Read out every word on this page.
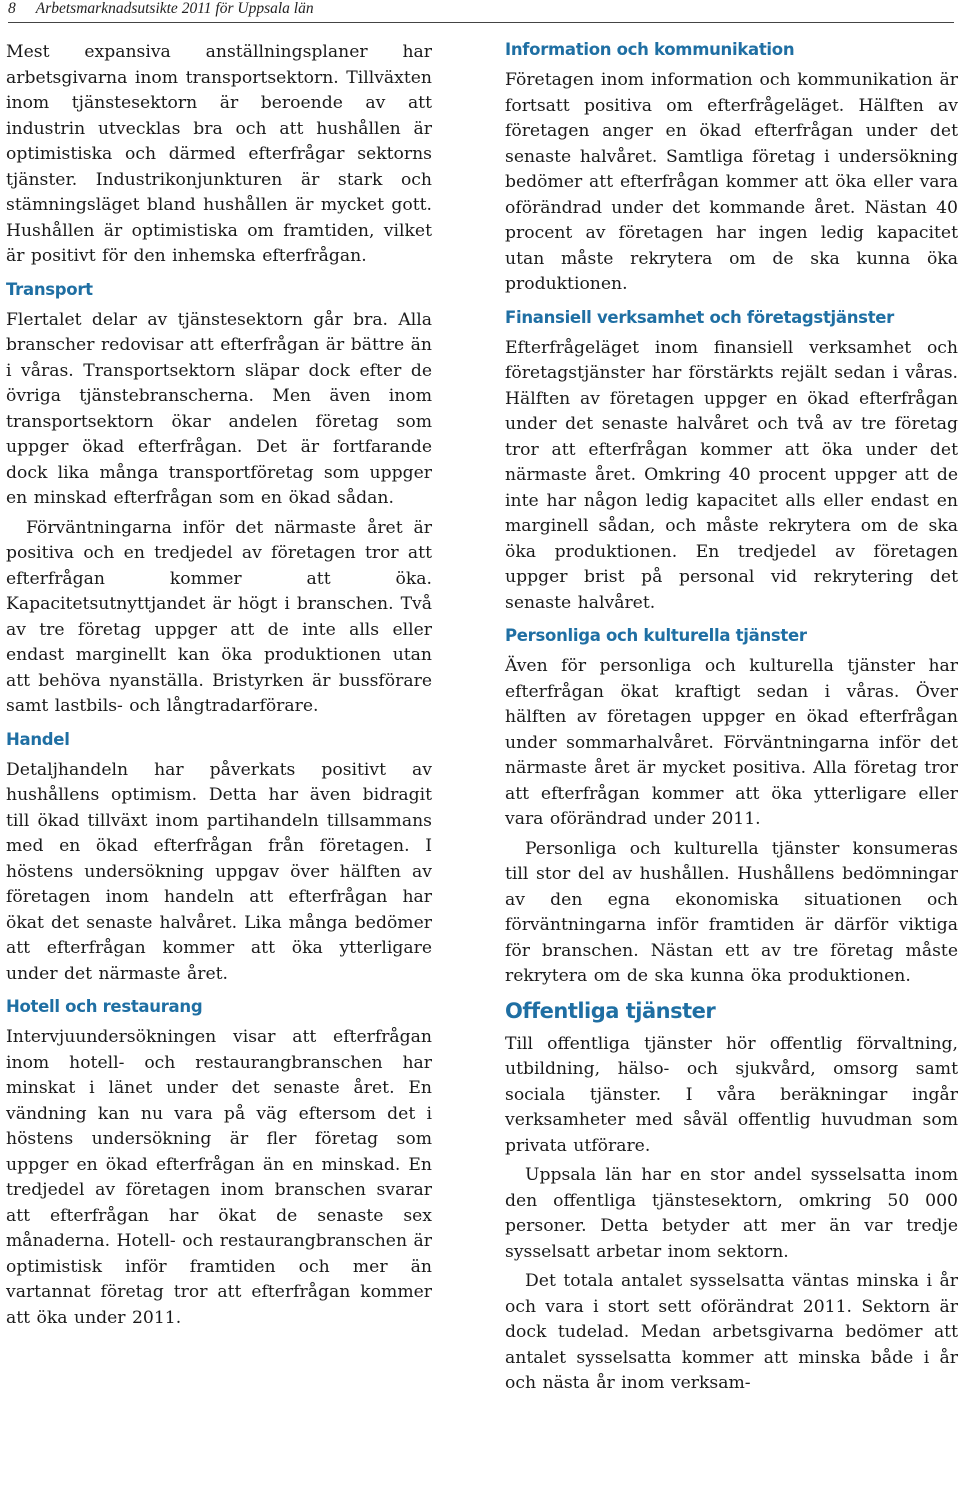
8 Arbetsmarknadsutsikte 2011 för Uppsala län

Mest expansiva anställningsplaner har arbetsgivarna inom transportsektorn. Tillväxten inom tjänstesektorn är beroende av att industrin utvecklas bra och att hushållen är optimistiska och därmed efterfrågar sektorns tjänster. Industrikonjunkturen är stark och stämningsläget bland hushållen är mycket gott. Hushållen är optimistiska om framtiden, vilket är positivt för den inhemska efterfrågan.

Transport

Flertalet delar av tjänstesektorn går bra. Alla branscher redovisar att efterfrågan är bättre än i våras. Transportsektorn släpar dock efter de övriga tjänstebranscherna. Men även inom transportsektorn ökar andelen företag som uppger ökad efterfrågan. Det är fortfarande dock lika många transportföretag som uppger en minskad efterfrågan som en ökad sådan.

Förväntningarna inför det närmaste året är positiva och en tredjedel av företagen tror att efterfrågan kommer att öka. Kapacitetsutnyttjandet är högt i branschen. Två av tre företag uppger att de inte alls eller endast marginellt kan öka produktionen utan att behöva nyanställa. Bristyrken är bussförare samt lastbils- och långtradarförare.

Handel

Detaljhandeln har påverkats positivt av hushållens optimism. Detta har även bidragit till ökad tillväxt inom partihandeln tillsammans med en ökad efterfrågan från företagen. I höstens undersökning uppgav över hälften av företagen inom handeln att efterfrågan har ökat det senaste halvåret. Lika många bedömer att efterfrågan kommer att öka ytterligare under det närmaste året.

Hotell och restaurang

Intervjuundersökningen visar att efterfrågan inom hotell- och restaurangbranschen har minskat i länet under det senaste året. En vändning kan nu vara på väg eftersom det i höstens undersökning är fler företag som uppger en ökad efterfrågan än en minskad. En tredjedel av företagen inom branschen svarar att efterfrågan har ökat de senaste sex månaderna. Hotell- och restaurangbranschen är optimistisk inför framtiden och mer än vartannat företag tror att efterfrågan kommer att öka under 2011.

Information och kommunikation

Företagen inom information och kommunikation är fortsatt positiva om efterfrågeläget. Hälften av företagen anger en ökad efterfrågan under det senaste halvåret. Samtliga företag i undersökning bedömer att efterfrågan kommer att öka eller vara oförändrad under det kommande året. Nästan 40 procent av företagen har ingen ledig kapacitet utan måste rekrytera om de ska kunna öka produktionen.

Finansiell verksamhet och företagstjänster

Efterfrågeläget inom finansiell verksamhet och företagstjänster har förstärkts rejält sedan i våras. Hälften av företagen uppger en ökad efterfrågan under det senaste halvåret och två av tre företag tror att efterfrågan kommer att öka under det närmaste året. Omkring 40 procent uppger att de inte har någon ledig kapacitet alls eller endast en marginell sådan, och måste rekrytera om de ska öka produktionen. En tredjedel av företagen uppger brist på personal vid rekrytering det senaste halvåret.

Personliga och kulturella tjänster

Även för personliga och kulturella tjänster har efterfrågan ökat kraftigt sedan i våras. Över hälften av företagen uppger en ökad efterfrågan under sommarhalvåret. Förväntningarna inför det närmaste året är mycket positiva. Alla företag tror att efterfrågan kommer att öka ytterligare eller vara oförändrad under 2011.

Personliga och kulturella tjänster konsumeras till stor del av hushållen. Hushållens bedömningar av den egna ekonomiska situationen och förväntningarna inför framtiden är därför viktiga för branschen. Nästan ett av tre företag måste rekrytera om de ska kunna öka produktionen.

Offentliga tjänster

Till offentliga tjänster hör offentlig förvaltning, utbildning, hälso- och sjukvård, omsorg samt sociala tjänster. I våra beräkningar ingår verksamheter med såväl offentlig huvudman som privata utförare.

Uppsala län har en stor andel sysselsatta inom den offentliga tjänstesektorn, omkring 50 000 personer. Detta betyder att mer än var tredje sysselsatt arbetar inom sektorn.

Det totala antalet sysselsatta väntas minska i år och vara i stort sett oförändrat 2011. Sektorn är dock tudelad. Medan arbetsgivarna bedömer att antalet sysselsatta kommer att minska både i år och nästa år inom verksam-
